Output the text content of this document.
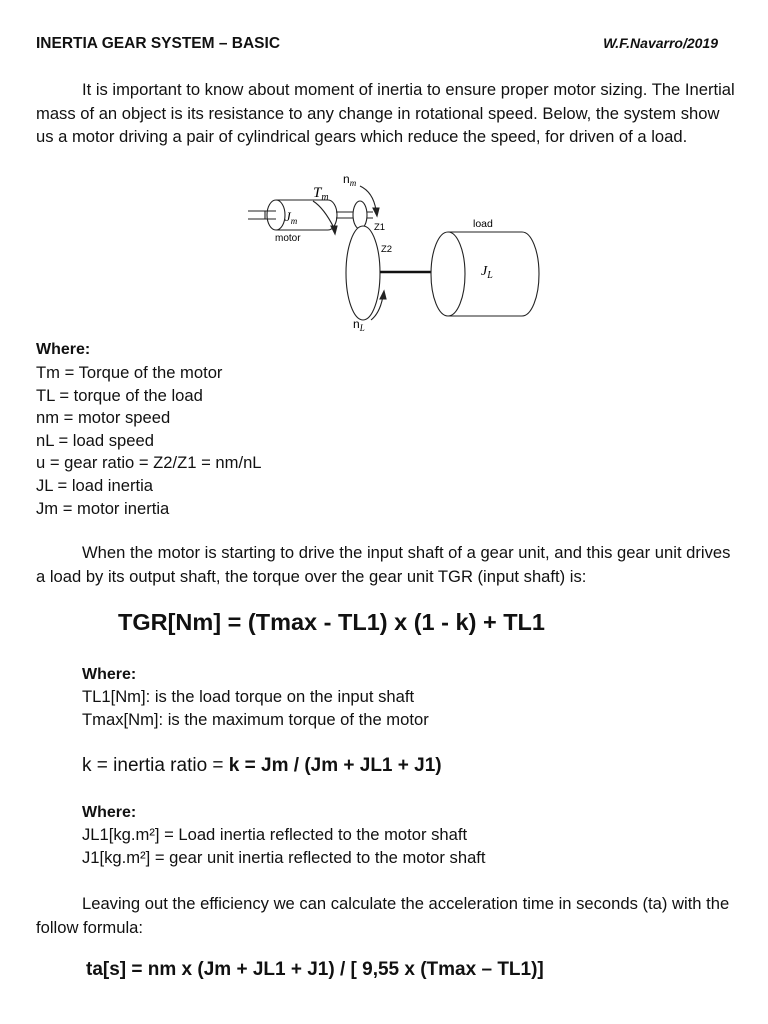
INERTIA GEAR SYSTEM – BASIC	W.F.Navarro/2019
It is important to know about moment of inertia to ensure proper motor sizing. The Inertial mass of an object is its resistance to any change in rotational speed. Below, the system show us a motor driving a pair of cylindrical gears which reduce the speed, for driven of a load.
$J_m$
motor
$T_m$
$n_m$
Z1
Z2
load
$J_L$
$n_L$
Where:
Tm = Torque of the motor
TL = torque of the load
nm = motor speed
nL = load speed
u = gear ratio = Z2/Z1 = nm/nL
JL = load inertia
Jm = motor inertia
When the motor is starting to drive the input shaft of a gear unit, and this gear unit drives a load by its output shaft, the torque over the gear unit TGR (input shaft) is:
TGR[Nm] = (Tmax - TL1) x (1 - k) + TL1
Where:
TL1[Nm]: is the load torque on the input shaft
Tmax[Nm]: is the maximum torque of the motor
k = inertia ratio = k = Jm / (Jm + JL1 + J1)
Where:
JL1[kg.m²] = Load inertia reflected to the motor shaft
J1[kg.m²] = gear unit inertia reflected to the motor shaft
Leaving out the efficiency we can calculate the acceleration time in seconds (ta) with the follow formula:
ta[s] = nm x (Jm + JL1 + J1) / [ 9,55 x (Tmax – TL1)]
